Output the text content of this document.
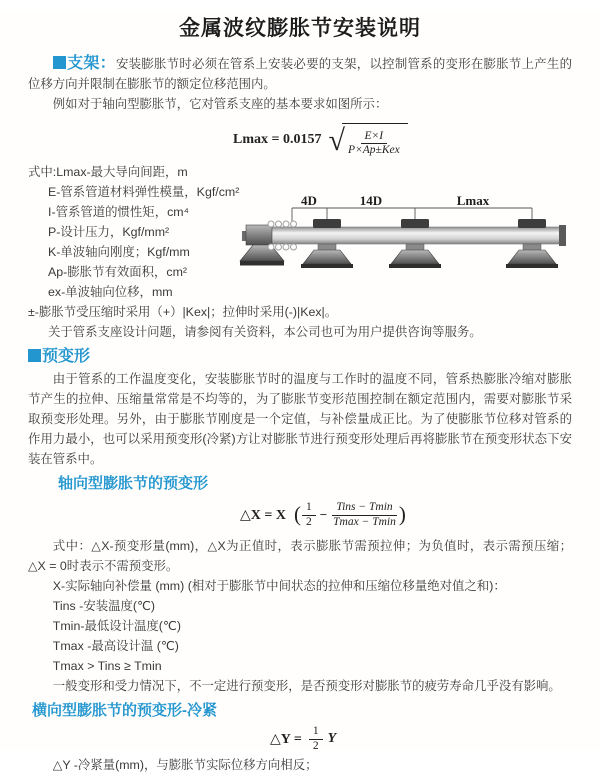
金属波纹膨胀节安装说明

支架：安装膨胀节时必须在管系上安装必要的支架，以控制管系的变形在膨胀节上产生的位移方向并限制在膨胀节的额定位移范围内。

例如对于轴向型膨胀节，它对管系支座的基本要求如图所示：

Lmax = 0.0157 √ $\frac{E\times I}{\text{P×Ap±Kex}}$
式中:Lmax-最大导向间距，m
E-管系管道材料弹性模量，Kgf/cm²
I-管系管道的惯性矩，cm⁴
P-设计压力，Kgf/mm²
K-单波轴向刚度；Kgf/mm
Ap-膨胀节有效面积，cm²
ex-单波轴向位移，mm
±-膨胀节受压缩时采用（+）|Kex|；拉伸时采用(-)|Kex|。
关于管系支座设计问题，请参阅有关资料，本公司也可为用户提供咨询等服务。
4D	14D	Lmax
预变形

由于管系的工作温度变化，安装膨胀节时的温度与工作时的温度不同，管系热膨胀冷缩对膨胀节产生的拉伸、压缩量常常是不均等的，为了膨胀节变形范围控制在额定范围内，需要对膨胀节采取预变形处理。另外，由于膨胀节刚度是一个定值，与补偿量成正比。为了使膨胀节位移对管系的作用力最小，也可以采用预变形(冷紧)方让对膨胀节进行预变形处理后再将膨胀节在预变形状态下安装在管系中。

轴向型膨胀节的预变形
△X = X ( $\frac{1}{2} - \frac{\text{Tins − Tmin}}{Tmax - Tmin}$ )

式中：△X-预变形量(mm)，△X为正值时，表示膨胀节需预拉伸；为负值时，表示需预压缩；△X = 0时表示不需预变形。

X-实际轴向补偿量 (mm) (相对于膨胀节中间状态的拉伸和压缩位移量绝对值之和)：
Tins -安装温度(℃)
Tmin-最低设计温度(℃)
Tmax -最高设计温 (℃)
Tmax > Tins ≥ Tmin
一般变形和受力情况下，不一定进行预变形，是否预变形对膨胀节的疲劳寿命几乎没有影响。
横向型膨胀节的预变形-冷紧
△Y = $\frac{1}{2}$ Y
△Y -冷紧量(mm)，与膨胀节实际位移方向相反；
